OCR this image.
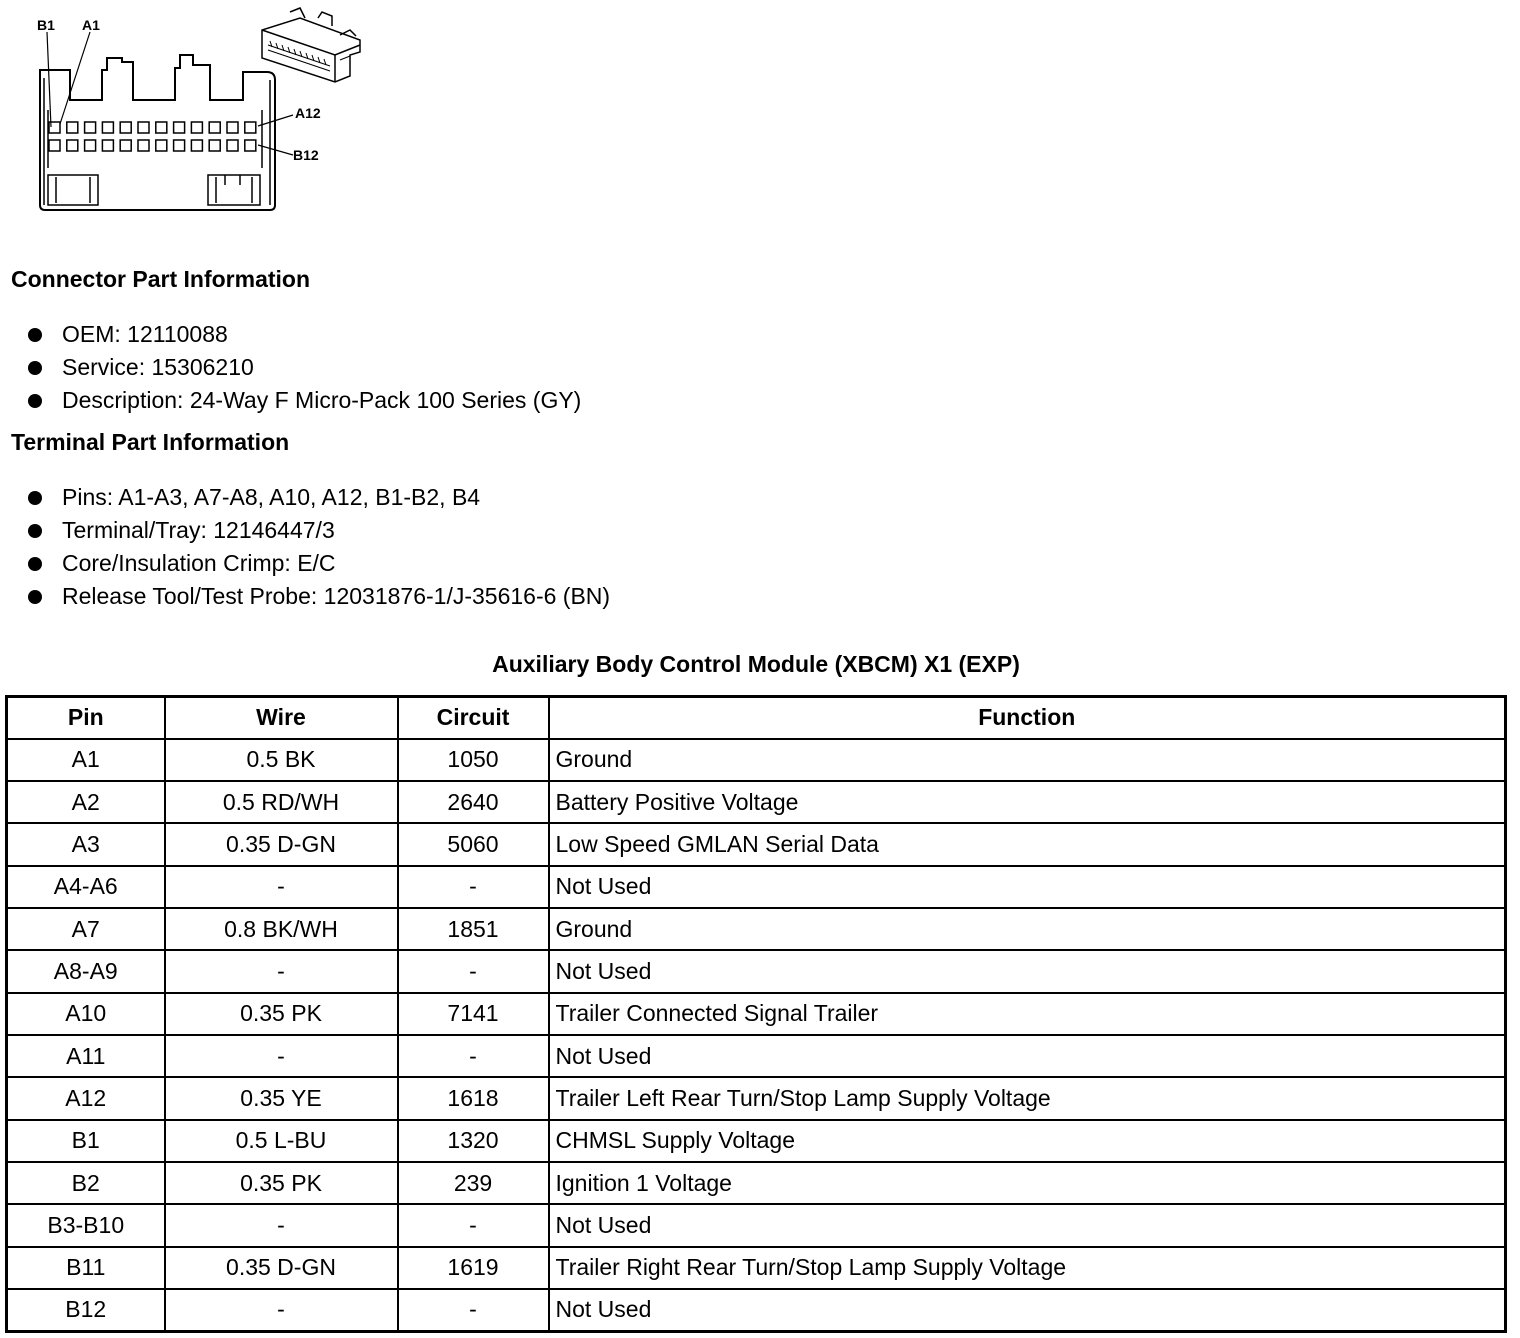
B1 A1
A12
B12
Connector Part Information
OEM: 12110088
Service: 15306210
Description: 24-Way F Micro-Pack 100 Series (GY)
Terminal Part Information
Pins: A1-A3, A7-A8, A10, A12, B1-B2, B4
Terminal/Tray: 12146447/3
Core/Insulation Crimp: E/C
Release Tool/Test Probe: 12031876-1/J-35616-6 (BN)
Auxiliary Body Control Module (XBCM) X1 (EXP)
Pin	Wire	Circuit	Function
A1	0.5 BK	1050	Ground
A2	0.5 RD/WH	2640	Battery Positive Voltage
A3	0.35 D-GN	5060	Low Speed GMLAN Serial Data
A4-A6	-	-	Not Used
A7	0.8 BK/WH	1851	Ground
A8-A9	-	-	Not Used
A10	0.35 PK	7141	Trailer Connected Signal Trailer
A11	-	-	Not Used
A12	0.35 YE	1618	Trailer Left Rear Turn/Stop Lamp Supply Voltage
B1	0.5 L-BU	1320	CHMSL Supply Voltage
B2	0.35 PK	239	Ignition 1 Voltage
B3-B10	-	-	Not Used
B11	0.35 D-GN	1619	Trailer Right Rear Turn/Stop Lamp Supply Voltage
B12	-	-	Not Used
